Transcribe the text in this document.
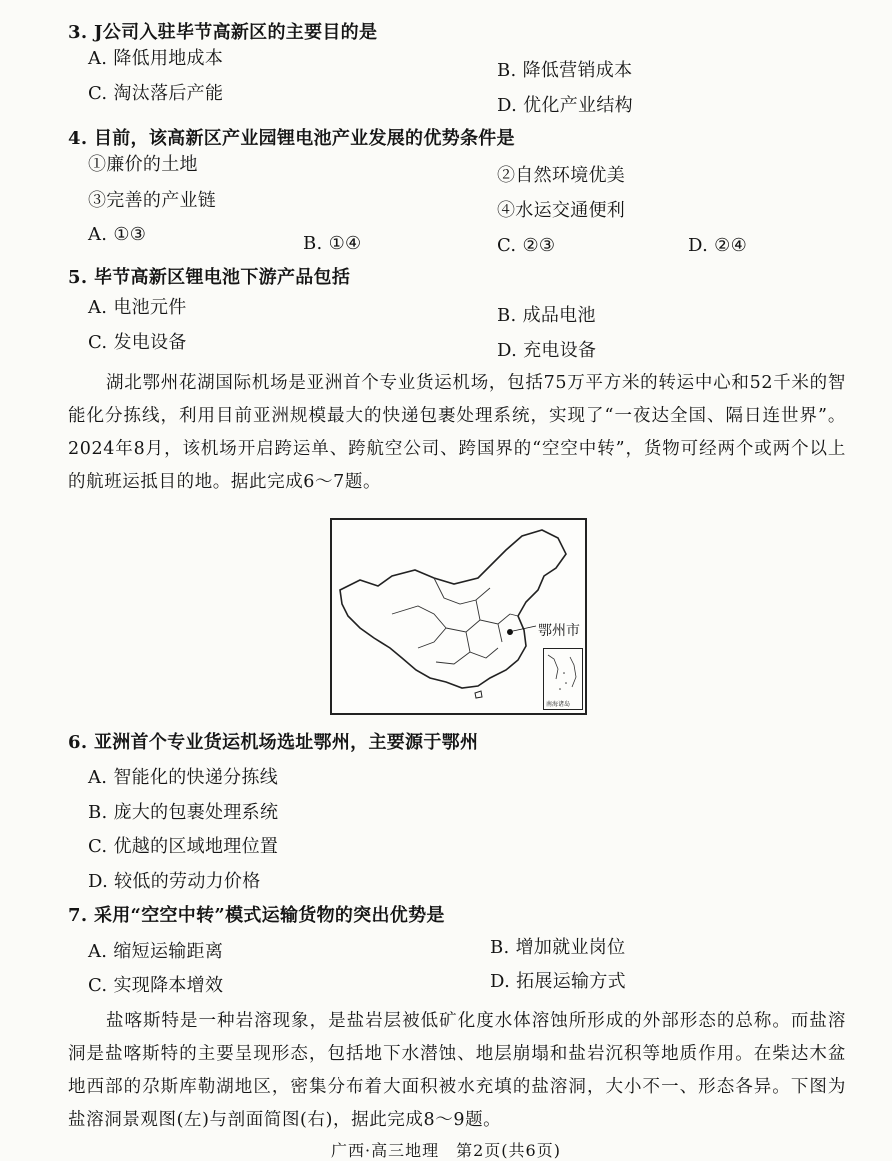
3. J公司入驻毕节高新区的主要目的是
A. 降低用地成本
B. 降低营销成本
C. 淘汰落后产能
D. 优化产业结构
4. 目前，该高新区产业园锂电池产业发展的优势条件是
①廉价的土地
②自然环境优美
③完善的产业链	④水运交通便利
A. ①③	B. ①④	C. ②③	D. ②④
5. 毕节高新区锂电池下游产品包括
A. 电池元件	B. 成品电池
C. 发电设备	D. 充电设备

湖北鄂州花湖国际机场是亚洲首个专业货运机场，包括75万平方米的转运中心和52千米的智能化分拣线，利用目前亚洲规模最大的快递包裹处理系统，实现了“一夜达全国、隔日连世界”。2024年8月，该机场开启跨运单、跨航空公司、跨国界的“空空中转”，货物可经两个或两个以上的航班运抵目的地。据此完成6～7题。

鄂州市
南海诸岛
6. 亚洲首个专业货运机场选址鄂州，主要源于鄂州
A. 智能化的快递分拣线
B. 庞大的包裹处理系统
C. 优越的区域地理位置
D. 较低的劳动力价格
7. 采用“空空中转”模式运输货物的突出优势是
A. 缩短运输距离	B. 增加就业岗位
C. 实现降本增效	D. 拓展运输方式

盐喀斯特是一种岩溶现象，是盐岩层被低矿化度水体溶蚀所形成的外部形态的总称。而盐溶洞是盐喀斯特的主要呈现形态，包括地下水潜蚀、地层崩塌和盐岩沉积等地质作用。在柴达木盆地西部的尕斯库勒湖地区，密集分布着大面积被水充填的盐溶洞，大小不一、形态各异。下图为盐溶洞景观图(左)与剖面简图(右)，据此完成8～9题。

广西·高三地理　第2页(共6页)
